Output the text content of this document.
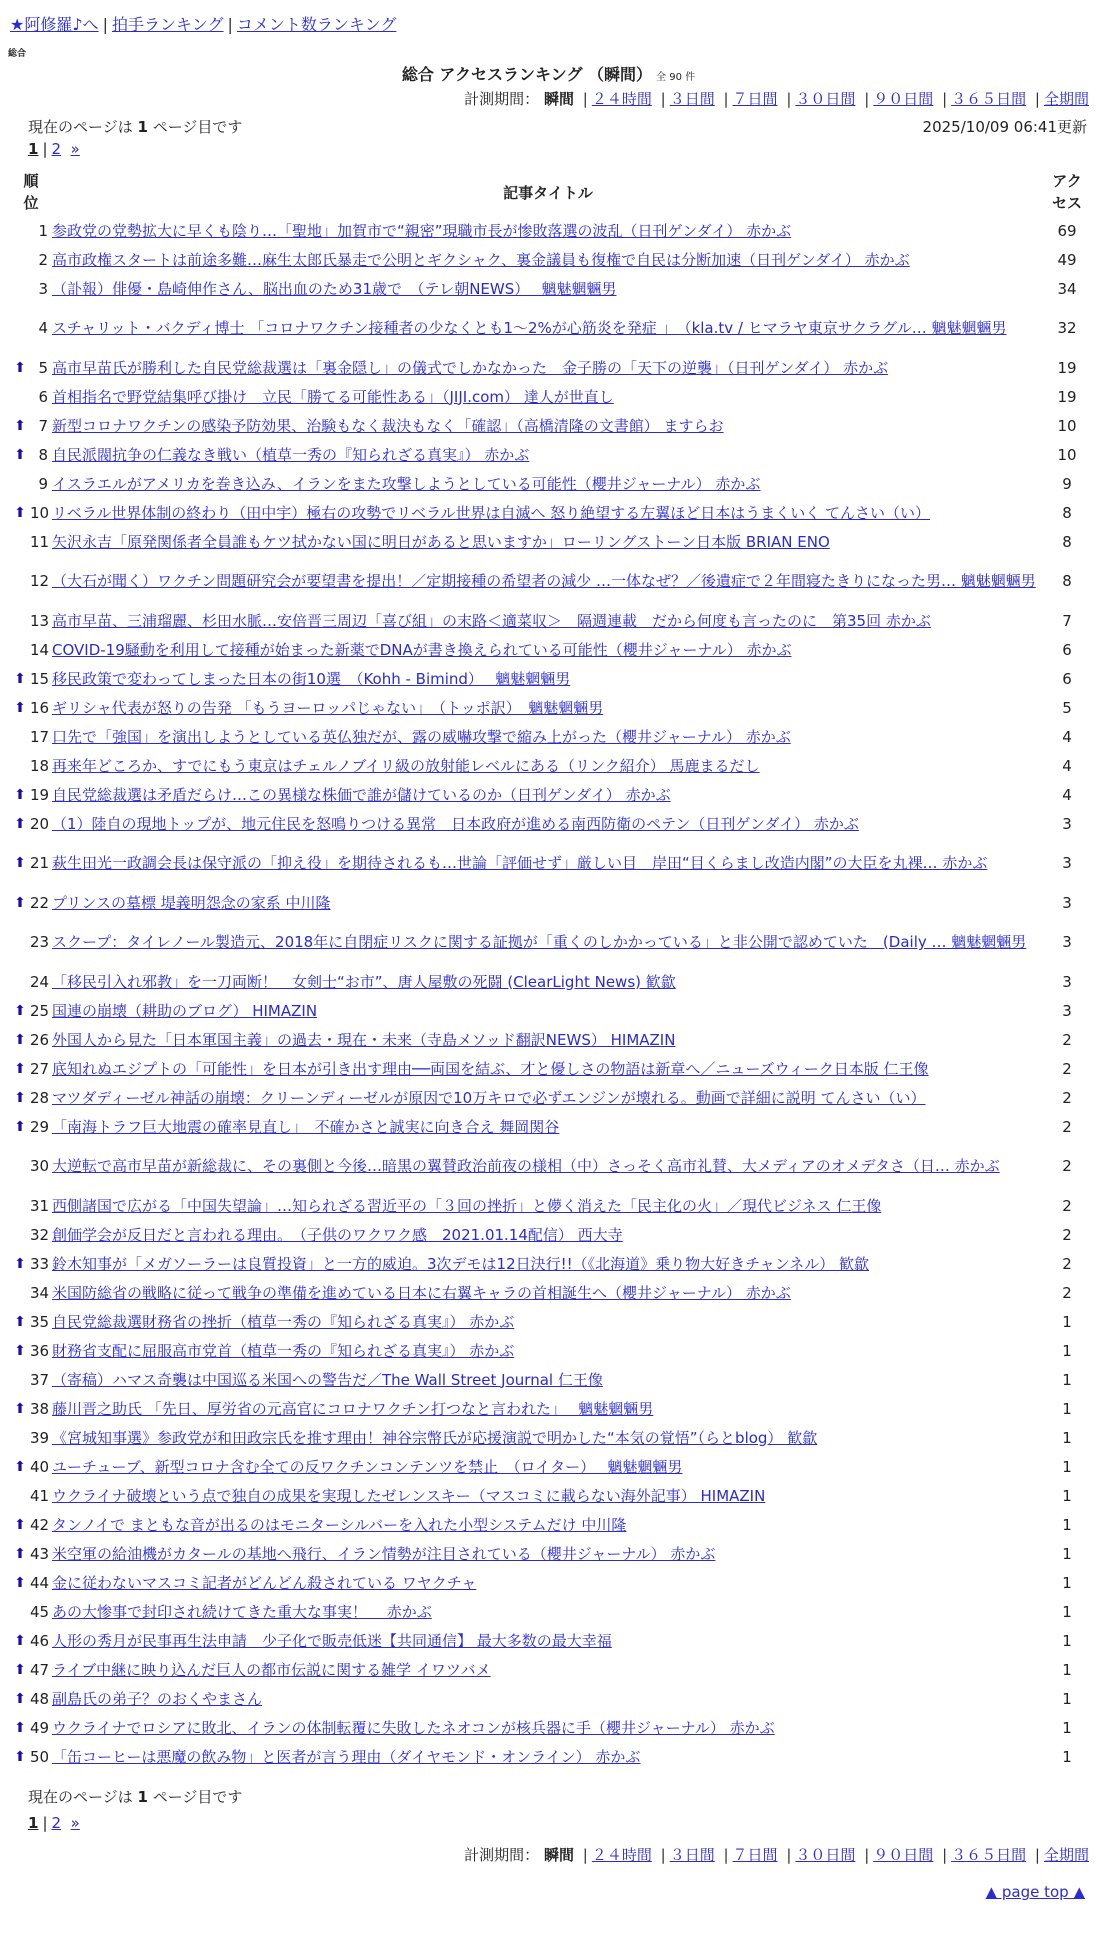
★阿修羅♪へ | 拍手ランキング | コメント数ランキング
総合
総合 アクセスランキング （瞬間） 全 90 件
計測期間： 瞬間 | ２４時間 | ３日間 | ７日間 | ３０日間 | ９０日間 | ３６５日間 | 全期間
現在のページは 1 ページ目です	2025/10/09 06:41更新
1 | 2 »
順位
記事タイトル
アクセス
1 参政党の党勢拡大に早くも陰り…「聖地」加賀市で“親密”現職市長が惨敗落選の波乱（日刊ゲンダイ） 赤かぶ	69
2 高市政権スタートは前途多難…麻生太郎氏暴走で公明とギクシャク、裏金議員も復権で自民は分断加速（日刊ゲンダイ） 赤かぶ	49
3 （訃報）俳優・島崎伸作さん、脳出血のため31歳で　（テレ朝NEWS）　 魑魅魍魎男	34
4 スチャリット・バクディ博士 「コロナワクチン接種者の少なくとも1～2%が心筋炎を発症 」　（kla.tv / ヒマラヤ東京サクラグル… 魑魅魍魎男	32
⬆ 5 高市早苗氏が勝利した自民党総裁選は「裏金隠し」の儀式でしかなかった　金子勝の「天下の逆襲」（日刊ゲンダイ） 赤かぶ	19
6 首相指名で野党結集呼び掛け　立民「勝てる可能性ある」（JIJI.com） 達人が世直し	19
⬆ 7 新型コロナワクチンの感染予防効果、治験もなく裁決もなく「確認」（高橋清隆の文書館） ますらお	10
⬆ 8 自民派閥抗争の仁義なき戦い（植草一秀の『知られざる真実』） 赤かぶ	10
9 イスラエルがアメリカを巻き込み、イランをまた攻撃しようとしている可能性（櫻井ジャーナル） 赤かぶ	9
⬆ 10 リベラル世界体制の終わり（田中宇）極右の攻勢でリベラル世界は自滅へ 怒り絶望する左翼ほど日本はうまくいく てんさい（い）	8
11 矢沢永吉「原発関係者全員誰もケツ拭かない国に明日があると思いますか」ローリングストーン日本版 BRIAN ENO	8
12 （大石が聞く）ワクチン問題研究会が要望書を提出！／定期接種の希望者の減少 …一体なぜ？／後遺症で２年間寝たきりになった男… 魑魅魍魎男	8
13 高市早苗、三浦瑠麗、杉田水脈…安倍晋三周辺「喜び組」の末路＜適菜収＞　隔週連載　だから何度も言ったのに　第35回 赤かぶ	7
14 COVID-19騒動を利用して接種が始まった新薬でDNAが書き換えられている可能性（櫻井ジャーナル） 赤かぶ	6
⬆ 15 移民政策で変わってしまった日本の街10選　（Kohh - Bimind）　 魑魅魍魎男	6
⬆ 16 ギリシャ代表が怒りの告発 「もうヨーロッパじゃない」　（トッポ訳）　魑魅魍魎男	5
17 口先で「強国」を演出しようとしている英仏独だが、露の威嚇攻撃で縮み上がった（櫻井ジャーナル） 赤かぶ	4
18 再来年どころか、すでにもう東京はチェルノブイリ級の放射能レベルにある（リンク紹介） 馬鹿まるだし	4
⬆ 19 自民党総裁選は矛盾だらけ…この異様な株価で誰が儲けているのか（日刊ゲンダイ） 赤かぶ	4
⬆ 20 （1）陸自の現地トップが、地元住民を怒鳴りつける異常　日本政府が進める南西防衛のペテン（日刊ゲンダイ） 赤かぶ	3
⬆ 21 萩生田光一政調会長は保守派の「抑え役」を期待されるも…世論「評価せず」厳しい目　岸田“目くらまし改造内閣”の大臣を丸裸… 赤かぶ	3
⬆ 22 プリンスの墓標 堤義明怨念の家系 中川隆	3
23 スクープ：タイレノール製造元、2018年に自閉症リスクに関する証拠が「重くのしかかっている」と非公開で認めていた　(Daily … 魑魅魍魎男	3
24 「移民引入れ邪教」を一刀両断！　女剣士“お市”、唐人屋敷の死闘 (ClearLight News) 歓歙	3
⬆ 25 国連の崩壊（耕助のブログ） HIMAZIN	3
⬆ 26 外国人から見た「日本軍国主義」の過去・現在・未来（寺島メソッド翻訳NEWS） HIMAZIN	2
⬆ 27 底知れぬエジプトの「可能性」を日本が引き出す理由──両国を結ぶ、才と優しさの物語は新章へ／ニューズウィーク日本版 仁王像	2
⬆ 28 マツダディーゼル神話の崩壊：クリーンディーゼルが原因で10万キロで必ずエンジンが壊れる。動画で詳細に説明 てんさい（い）	2
⬆ 29 「南海トラフ巨大地震の確率見直し」　不確かさと誠実に向き合え 舞岡関谷	2
30 大逆転で高市早苗が新総裁に、その裏側と今後…暗黒の翼賛政治前夜の様相（中）さっそく高市礼賛、大メディアのオメデタさ（日… 赤かぶ	2
31 西側諸国で広がる「中国失望論」…知られざる習近平の「３回の挫折」と儚く消えた「民主化の火」／現代ビジネス 仁王像	2
32 創価学会が反日だと言われる理由。　（子供のワクワク感　2021.01.14配信） 西大寺	2
⬆ 33 鈴木知事が「メガソーラーは良質投資」と一方的威迫。3次デモは12日決行!!（《北海道》乗り物大好きチャンネル） 歓歙	2
34 米国防総省の戦略に従って戦争の準備を進めている日本に右翼キャラの首相誕生へ（櫻井ジャーナル） 赤かぶ	2
⬆ 35 自民党総裁選財務省の挫折（植草一秀の『知られざる真実』） 赤かぶ	1
⬆ 36 財務省支配に屈服高市党首（植草一秀の『知られざる真実』） 赤かぶ	1
37 （寄稿）ハマス奇襲は中国巡る米国への警告だ／The Wall Street Journal 仁王像	1
⬆ 38 藤川晋之助氏 「先日、厚労省の元高官にコロナワクチン打つなと言われた」　 魑魅魍魎男	1
39 《宮城知事選》参政党が和田政宗氏を推す理由！神谷宗幣氏が応援演説で明かした“本気の覚悟”（らとblog） 歓歙	1
⬆ 40 ユーチューブ、新型コロナ含む全ての反ワクチンコンテンツを禁止　（ロイター）　 魑魅魍魎男	1
41 ウクライナ破壊という点で独自の成果を実現したゼレンスキー（マスコミに載らない海外記事） HIMAZIN	1
⬆ 42 タンノイで まともな音が出るのはモニターシルバーを入れた小型システムだけ 中川隆	1
⬆ 43 米空軍の給油機がカタールの基地へ飛行、イラン情勢が注目されている（櫻井ジャーナル） 赤かぶ	1
⬆ 44 金に従わないマスコミ記者がどんどん殺されている ワヤクチャ	1
45 あの大惨事で封印され続けてきた重大な事実！　 赤かぶ	1
⬆ 46 人形の秀月が民事再生法申請　少子化で販売低迷【共同通信】 最大多数の最大幸福	1
⬆ 47 ライブ中継に映り込んだ巨人の都市伝説に関する雑学 イワツバメ	1
⬆ 48 副島氏の弟子？のおくやまさん	1
⬆ 49 ウクライナでロシアに敗北、イランの体制転覆に失敗したネオコンが核兵器に手（櫻井ジャーナル） 赤かぶ	1
⬆ 50 「缶コーヒーは悪魔の飲み物」と医者が言う理由（ダイヤモンド・オンライン） 赤かぶ	1
現在のページは 1 ページ目です
1 | 2 »
計測期間： 瞬間 | ２４時間 | ３日間 | ７日間 | ３０日間 | ９０日間 | ３６５日間 | 全期間
▲ page top ▲
